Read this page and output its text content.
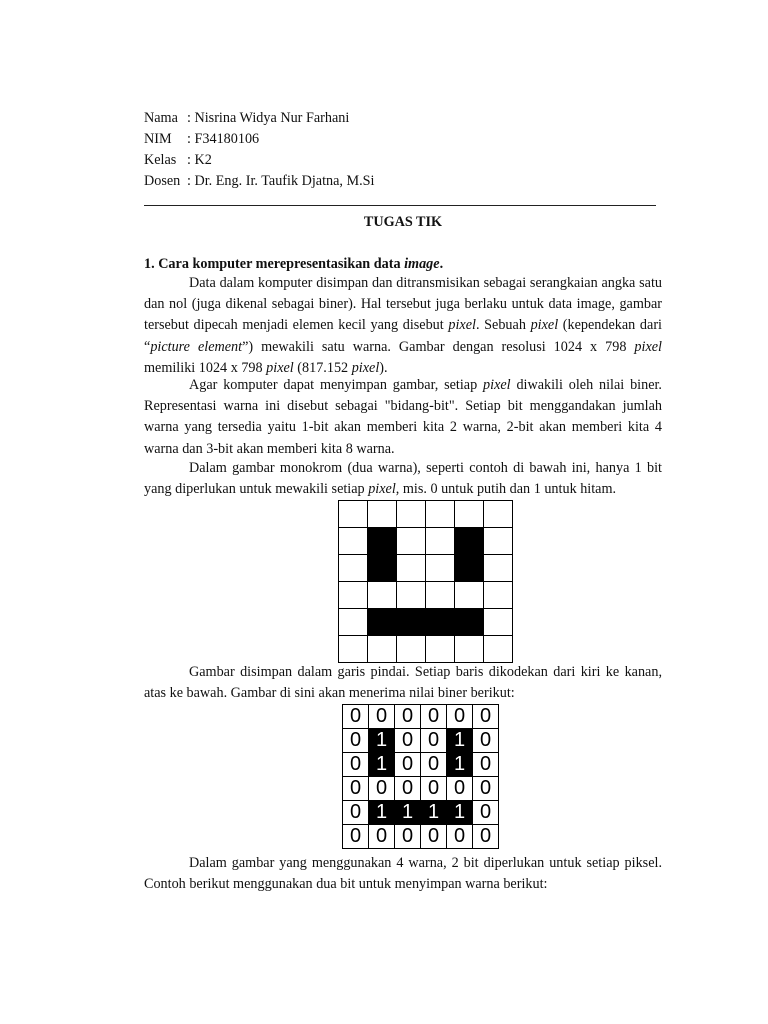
Nama : Nisrina Widya Nur Farhani
NIM : F34180106
Kelas : K2
Dosen : Dr. Eng. Ir. Taufik Djatna, M.Si
TUGAS TIK
1. Cara komputer merepresentasikan data image.

Data dalam komputer disimpan dan ditransmisikan sebagai serangkaian angka satu dan nol (juga dikenal sebagai biner). Hal tersebut juga berlaku untuk data image, gambar tersebut dipecah menjadi elemen kecil yang disebut pixel. Sebuah pixel (kependekan dari “picture element”) mewakili satu warna. Gambar dengan resolusi 1024 x 798 pixel memiliki 1024 x 798 pixel (817.152 pixel).

Agar komputer dapat menyimpan gambar, setiap pixel diwakili oleh nilai biner. Representasi warna ini disebut sebagai "bidang-bit". Setiap bit menggandakan jumlah warna yang tersedia yaitu 1-bit akan memberi kita 2 warna, 2-bit akan memberi kita 4 warna dan 3-bit akan memberi kita 8 warna.

Dalam gambar monokrom (dua warna), seperti contoh di bawah ini, hanya 1 bit yang diperlukan untuk mewakili setiap pixel, mis. 0 untuk putih dan 1 untuk hitam.

Gambar disimpan dalam garis pindai. Setiap baris dikodekan dari kiri ke kanan, atas ke bawah. Gambar di sini akan menerima nilai biner berikut:

0	0	0	0	0	0
0	1	0	0	1	0
0	1	0	0	1	0
0	0	0	0	0	0
0	1	1	1	1	0
0	0	0	0	0	0

Dalam gambar yang menggunakan 4 warna, 2 bit diperlukan untuk setiap piksel. Contoh berikut menggunakan dua bit untuk menyimpan warna berikut:
